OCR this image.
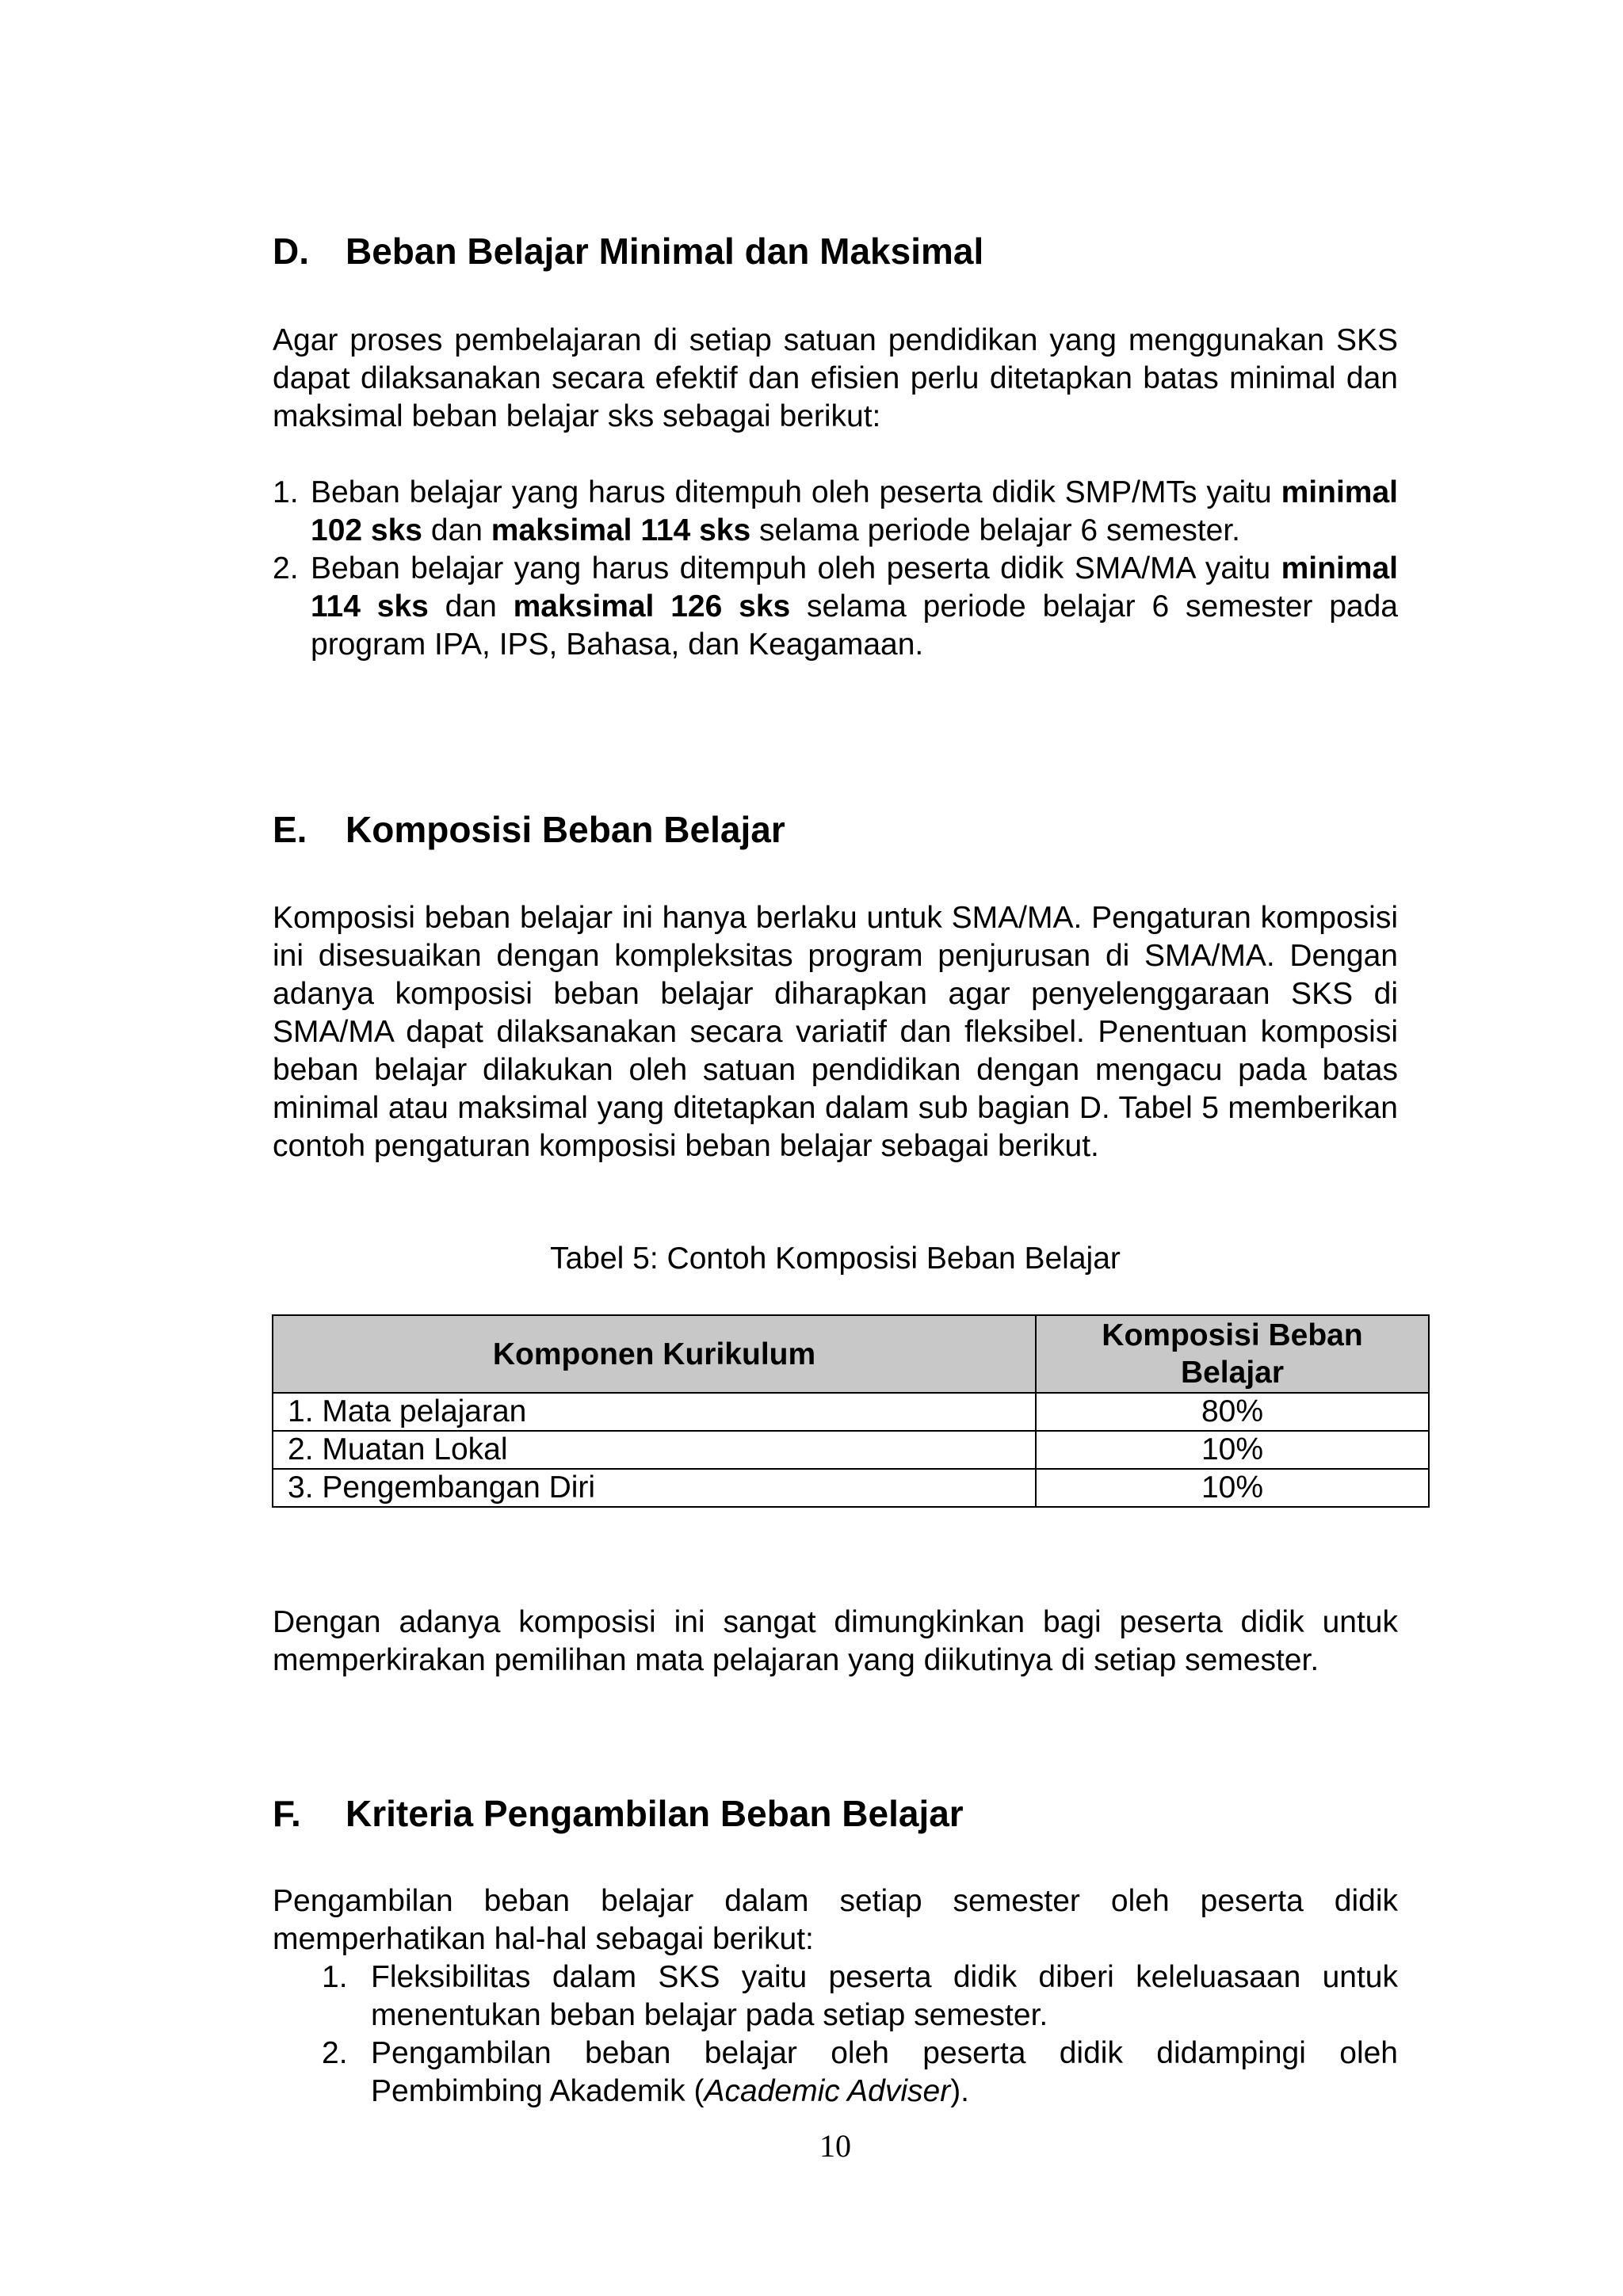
D. Beban Belajar Minimal dan Maksimal

Agar proses pembelajaran di setiap satuan pendidikan yang menggunakan SKS dapat dilaksanakan secara efektif dan efisien perlu ditetapkan batas minimal dan maksimal beban belajar sks sebagai berikut:

1. Beban belajar yang harus ditempuh oleh peserta didik SMP/MTs yaitu minimal 102 sks dan maksimal 114 sks selama periode belajar 6 semester.
2. Beban belajar yang harus ditempuh oleh peserta didik SMA/MA yaitu minimal 114 sks dan maksimal 126 sks selama periode belajar 6 semester pada program IPA, IPS, Bahasa, dan Keagamaan.
E. Komposisi Beban Belajar

Komposisi beban belajar ini hanya berlaku untuk SMA/MA. Pengaturan komposisi ini disesuaikan dengan kompleksitas program penjurusan di SMA/MA. Dengan adanya komposisi beban belajar diharapkan agar penyelenggaraan SKS di SMA/MA dapat dilaksanakan secara variatif dan fleksibel. Penentuan komposisi beban belajar dilakukan oleh satuan pendidikan dengan mengacu pada batas minimal atau maksimal yang ditetapkan dalam sub bagian D. Tabel 5 memberikan contoh pengaturan komposisi beban belajar sebagai berikut.

Tabel 5: Contoh Komposisi Beban Belajar

Komponen Kurikulum	Komposisi Beban Belajar
1. Mata pelajaran	80%
2. Muatan Lokal	10%
3. Pengembangan Diri	10%

Dengan adanya komposisi ini sangat dimungkinkan bagi peserta didik untuk memperkirakan pemilihan mata pelajaran yang diikutinya di setiap semester.

F. Kriteria Pengambilan Beban Belajar

Pengambilan beban belajar dalam setiap semester oleh peserta didik memperhatikan hal-hal sebagai berikut:

1. Fleksibilitas dalam SKS yaitu peserta didik diberi keleluasaan untuk menentukan beban belajar pada setiap semester.
2. Pengambilan beban belajar oleh peserta didik didampingi oleh Pembimbing Akademik (Academic Adviser).

10
